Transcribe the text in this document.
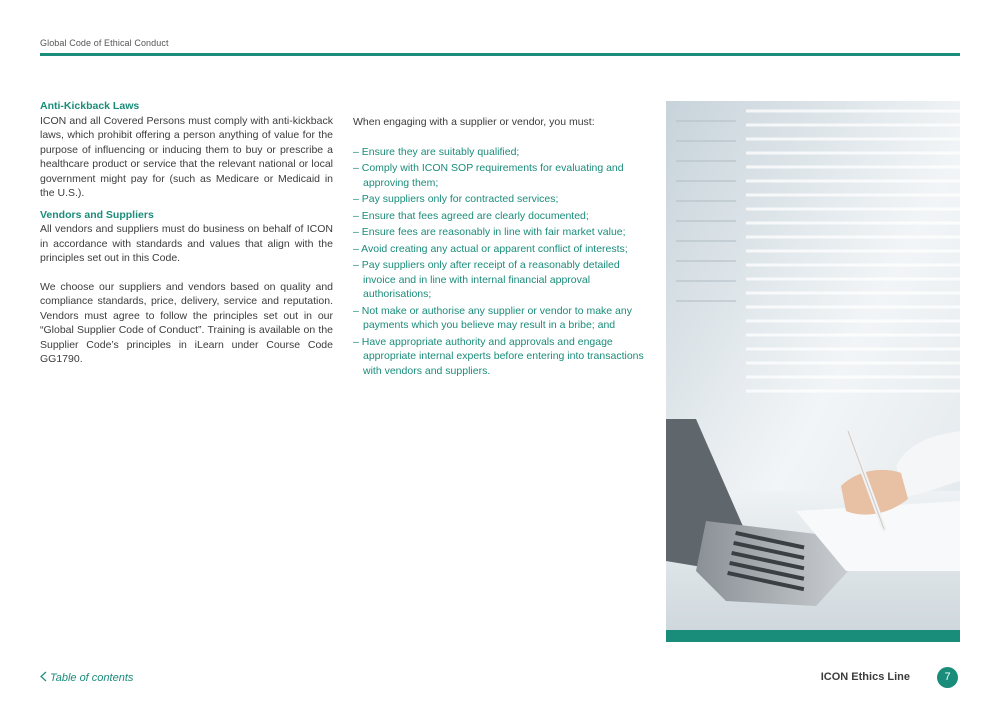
Global Code of Ethical Conduct
Anti-Kickback Laws

ICON and all Covered Persons must comply with anti-kickback laws, which prohibit offering a person anything of value for the purpose of influencing or inducing them to buy or prescribe a healthcare product or service that the relevant national or local government might pay for (such as Medicare or Medicaid in the U.S.).

Vendors and Suppliers

All vendors and suppliers must do business on behalf of ICON in accordance with standards and values that align with the principles set out in this Code.

We choose our suppliers and vendors based on quality and compliance standards, price, delivery, service and reputation. Vendors must agree to follow the principles set out in our “Global Supplier Code of Conduct”. Training is available on the Supplier Code’s principles in iLearn under Course Code GG1790.

When engaging with a supplier or vendor, you must:

– Ensure they are suitably qualified;
– Comply with ICON SOP requirements for evaluating and approving them;
– Pay suppliers only for contracted services;
– Ensure that fees agreed are clearly documented;
– Ensure fees are reasonably in line with fair market value;
– Avoid creating any actual or apparent conflict of interests;
– Pay suppliers only after receipt of a reasonably detailed invoice and in line with internal financial approval authorisations;
– Not make or authorise any supplier or vendor to make any payments which you believe may result in a bribe; and
– Have appropriate authority and approvals and engage appropriate internal experts before entering into transactions with vendors and suppliers.
Table of contents	ICON Ethics Line	7
